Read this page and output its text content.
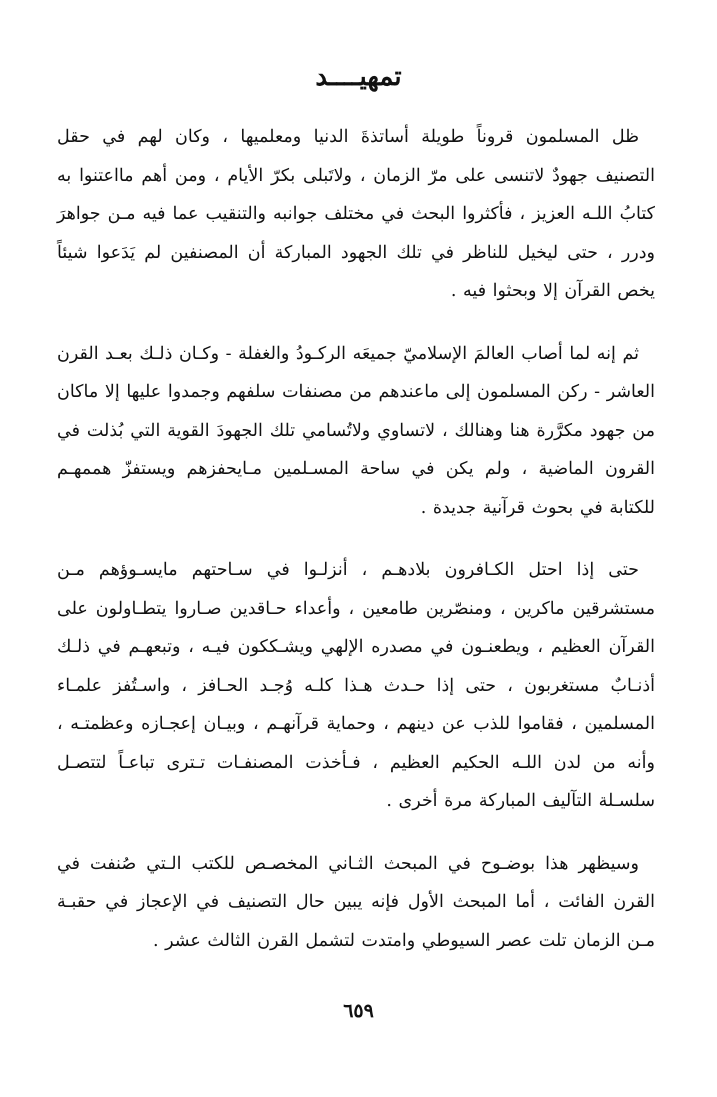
تمهيــــد

ظل المسلمون قروناً طويلة أساتذةَ الدنيا ومعلميها ، وكان لهم في حقل التصنيف جهودٌ لاتنسى على مرّ الزمان ، ولاتَبلى بكرّ الأيام ، ومن أهم مااعتنوا به كتابُ اللـه العزيز ، فأكثروا البحث في مختلف جوانبه والتنقيب عما فيه مـن جواهرَ ودرر ، حتى ليخيل للناظر في تلك الجهود المباركة أن المصنفين لم يَدَعوا شيئاً يخص القرآن إلا وبحثوا فيه .

ثم إنه لما أصاب العالمَ الإسلاميّ جميعَه الركـودُ والغفلة - وكـان ذلـك بعـد القرن العاشر - ركن المسلمون إلى ماعندهم من مصنفات سلفهم وجمدوا عليها إلا ماكان من جهود مكرَّرة هنا وهنالك ، لاتساوي ولاتُسامي تلك الجهودَ القوية التي بُذلت في القرون الماضية ، ولم يكن في ساحة المسـلمين مـايحفزهم ويستفزّ هممهـم للكتابة في بحوث قرآنية جديدة .

حتى إذا احتل الكـافرون بلادهـم ، أنزلـوا في سـاحتهم مايسـوؤهم مـن مستشرقين ماكرين ، ومنصّرين طامعين ، وأعداء حـاقدين صـاروا يتطـاولون على القرآن العظيم ، ويطعنـون في مصدره الإلهي ويشـككون فيـه ، وتبعهـم في ذلـك أذنـابٌ مستغربون ، حتى إذا حـدث هـذا كلـه وُجـد الحـافز ، واسـتُفز علمـاء المسلمين ، فقاموا للذب عن دينهم ، وحماية قرآنهـم ، وبيـان إعجـازه وعظمتـه ، وأنه من لدن اللـه الحكيم العظيم ، فـأخذت المصنفـات تـترى تباعـاً لتتصـل سلسـلة التآليف المباركة مرة أخرى .

وسيظهر هذا بوضـوح في المبحث الثـاني المخصـص للكتب الـتي صُنفت في القرن الفائت ، أما المبحث الأول فإنه يبين حال التصنيف في الإعجاز في حقبـة مـن الزمان تلت عصر السيوطي وامتدت لتشمل القرن الثالث عشر .

٦٥٩
